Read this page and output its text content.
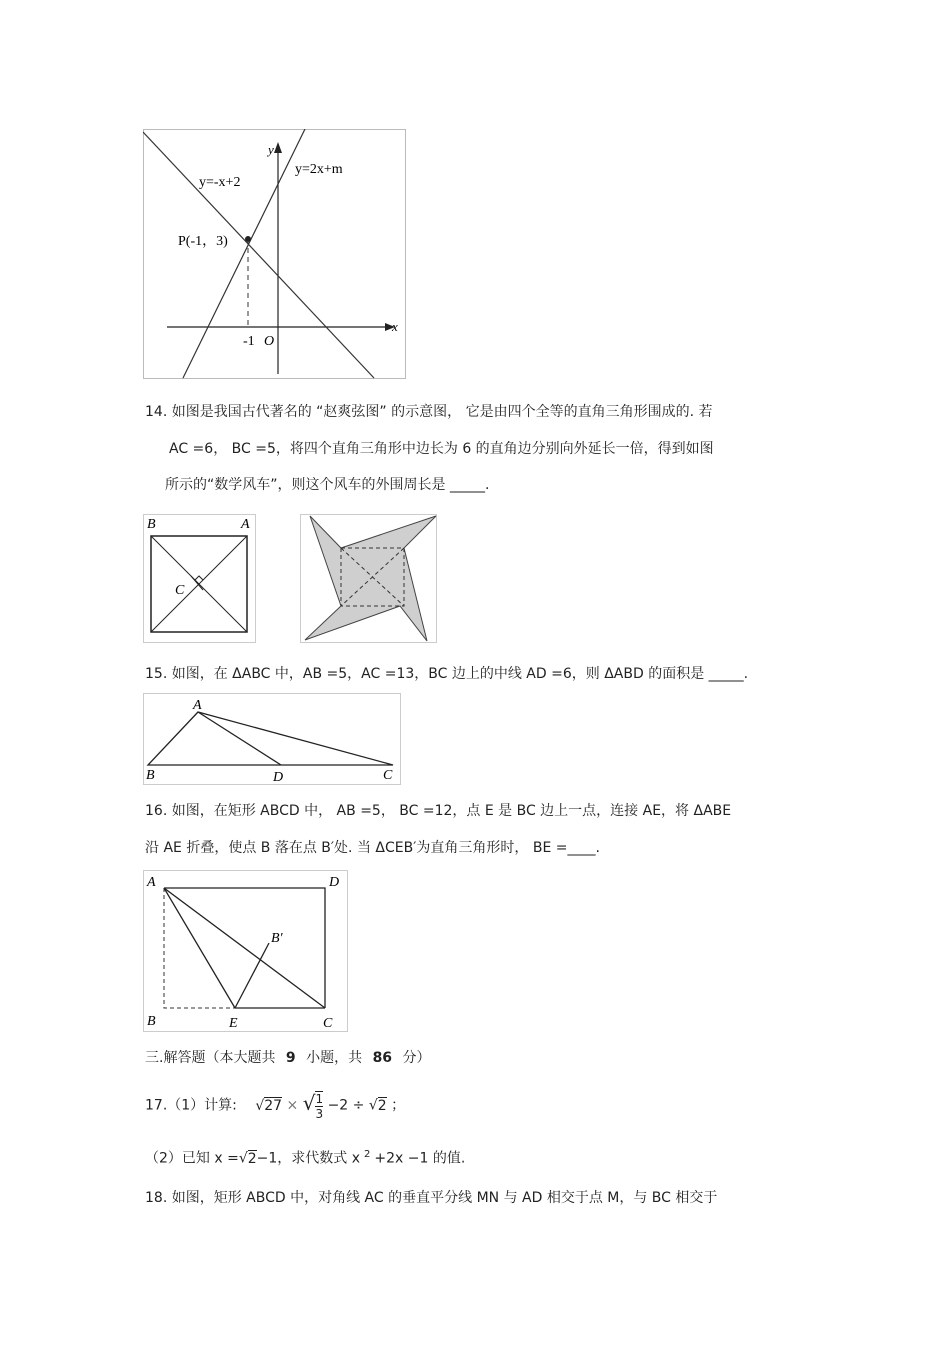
y=-x+2
y=2x+m
P(-1，3)
y
x
-1 O
14. 如图是我国古代著名的 “赵爽弦图” 的示意图， 它是由四个全等的直角三角形围成的. 若
AC =6， BC =5，将四个直角三角形中边长为 6 的直角边分别向外延长一倍，得到如图
所示的“数学风车”，则这个风车的外围周长是 _____.
B	A
C
15. 如图，在 ΔABC 中，AB =5，AC =13，BC 边上的中线 AD =6，则 ΔABD 的面积是 _____.
A
B	D	C
16. 如图，在矩形 ABCD 中， AB =5， BC =12，点 E 是 BC 边上一点，连接 AE，将 ΔABE
沿 AE 折叠，使点 B 落在点 B′处. 当 ΔCEB′为直角三角形时， BE =____.
A	D
B′
B	E	C
三.解答题（本大题共 9 小题，共 86 分）
17.（1）计算: √27 × √ $\frac{1}{3} -2 \div √2$ ；
（2）已知 x =√2−1，求代数式 x $^2$ +2x −1 的值.
18. 如图，矩形 ABCD 中，对角线 AC 的垂直平分线 MN 与 AD 相交于点 M，与 BC 相交于
